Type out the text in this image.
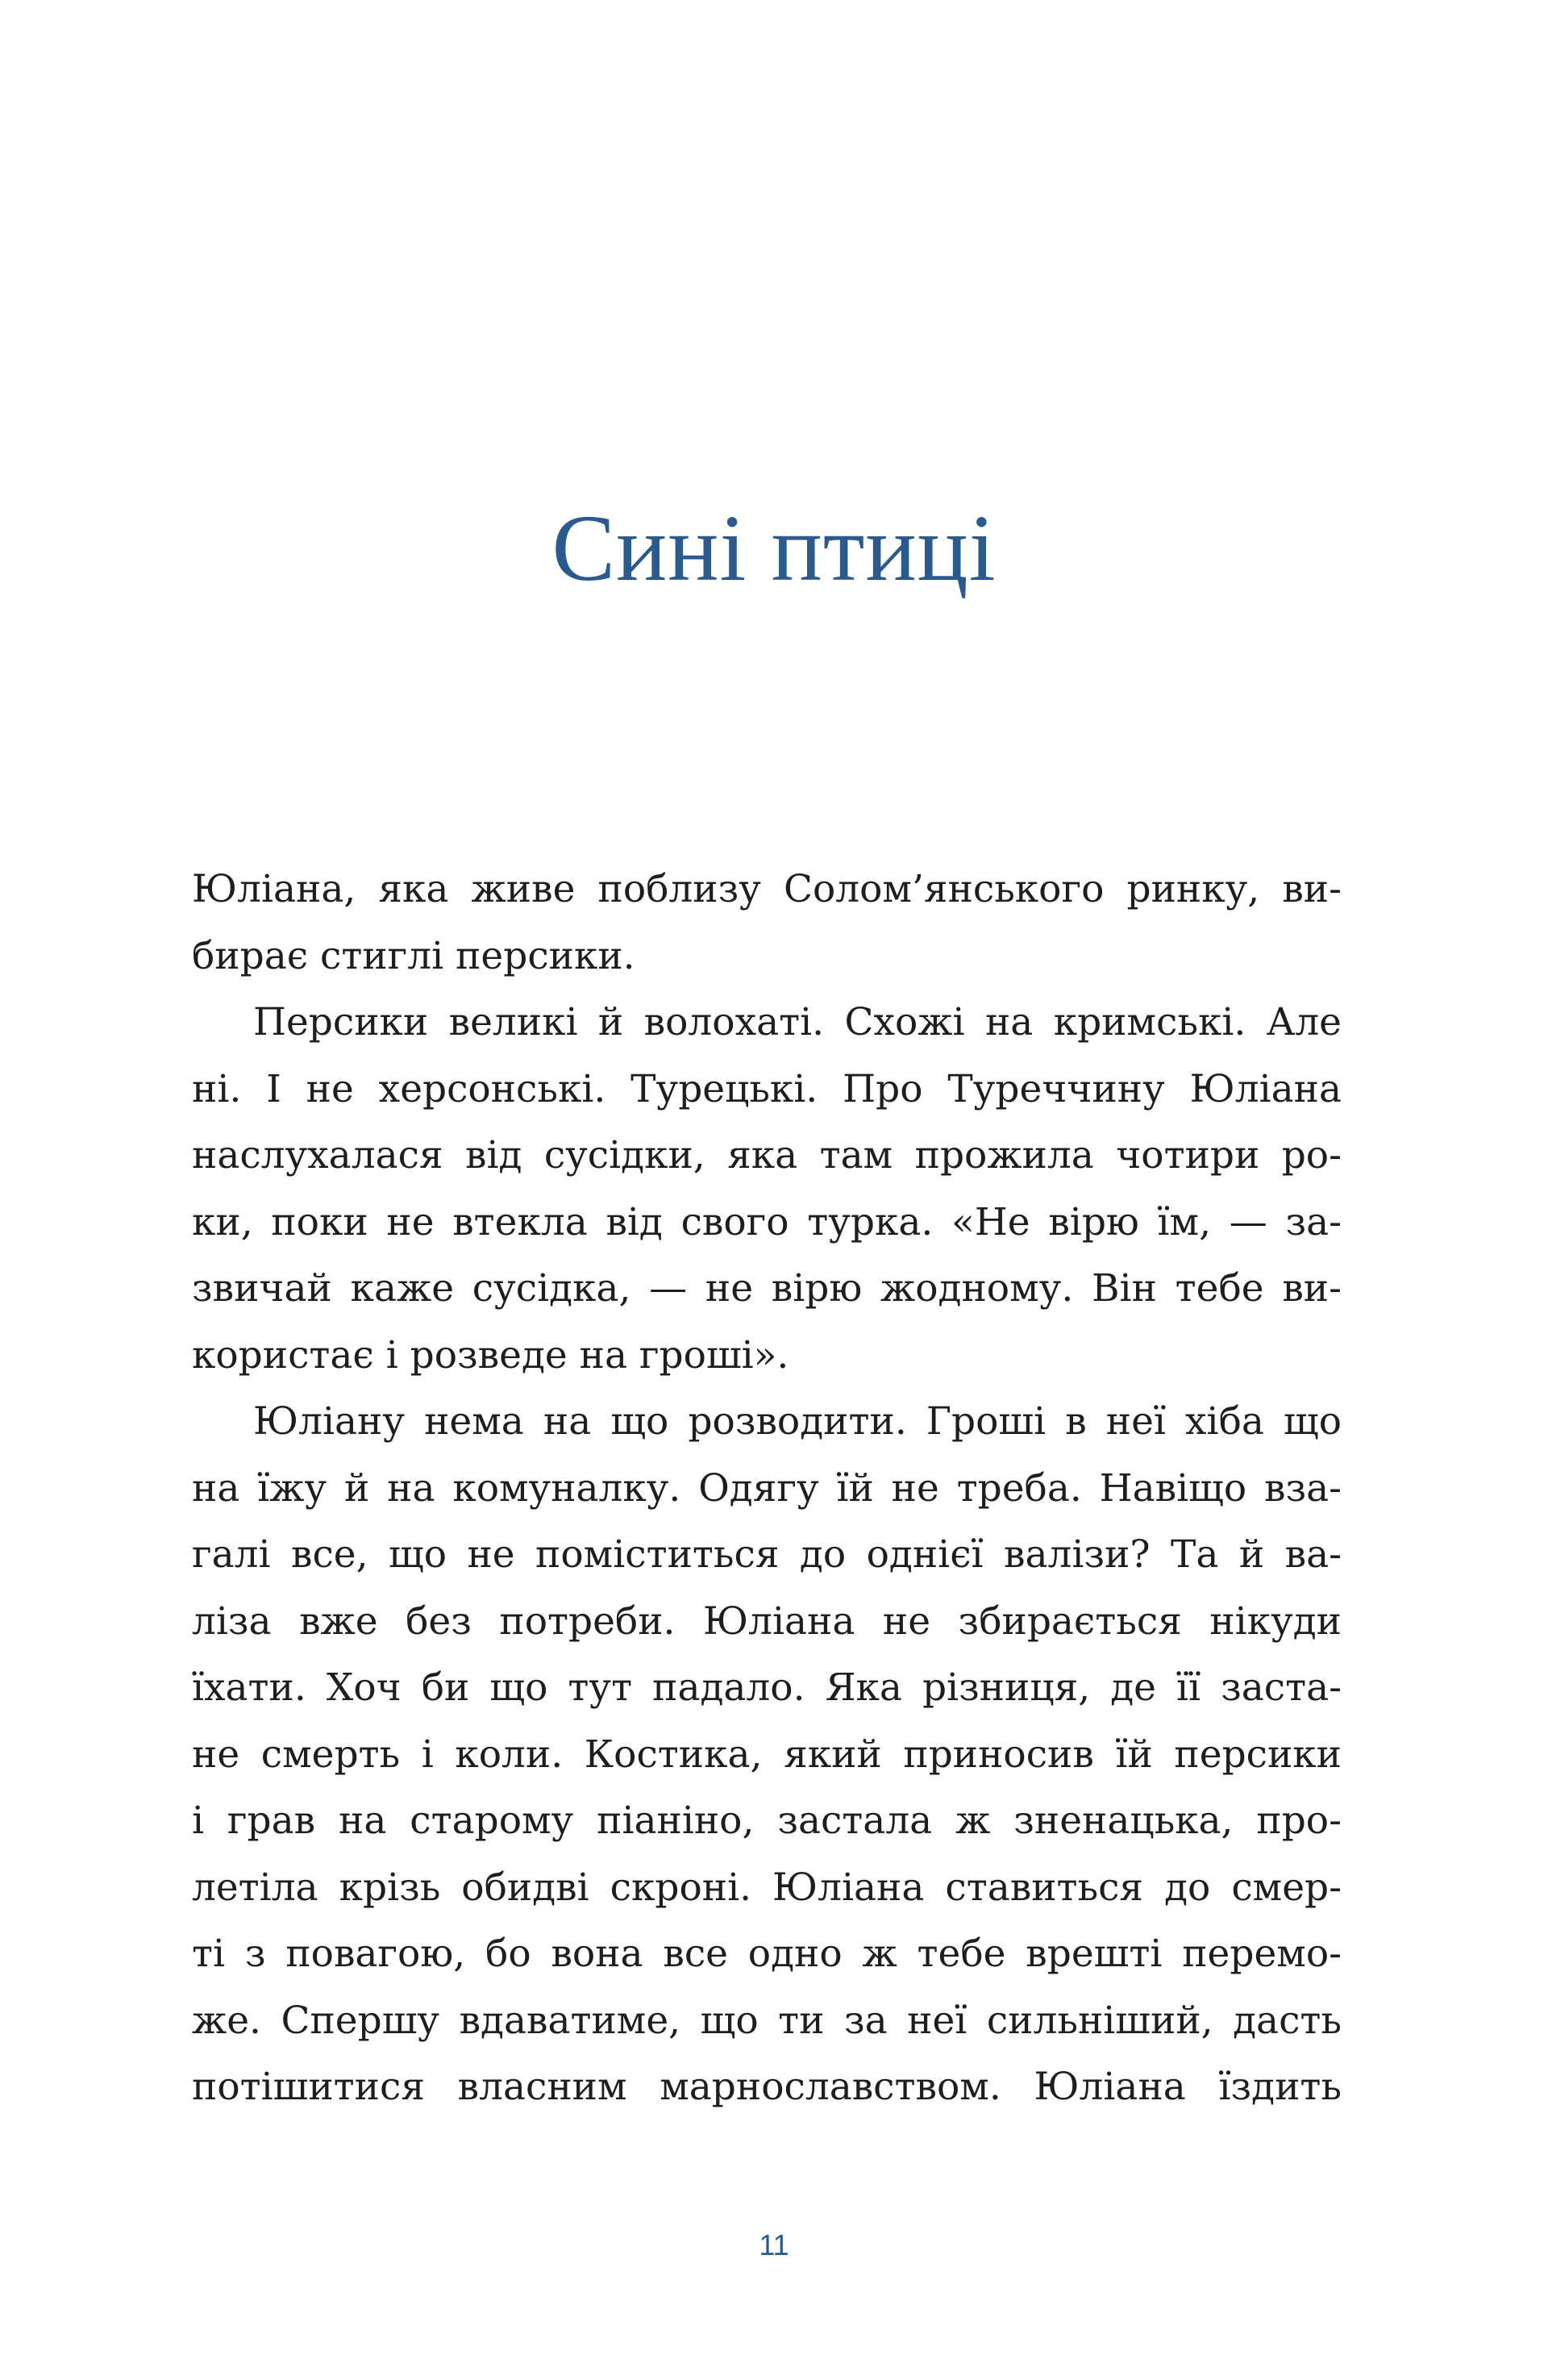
Сині птиці
Юліана, яка живе поблизу Солом’янського ринку, ви-
бирає стиглі персики.
Персики великі й волохаті. Схожі на кримські. Але
ні. І не херсонські. Турецькі. Про Туреччину Юліана
наслухалася від сусідки, яка там прожила чотири ро-
ки, поки не втекла від свого турка. «Не вірю їм, — за-
звичай каже сусідка, — не вірю жодному. Він тебе ви-
користає і розведе на гроші».
Юліану нема на що розводити. Гроші в неї хіба що
на їжу й на комуналку. Одягу їй не треба. Навіщо вза-
галі все, що не поміститься до однієї валізи? Та й ва-
ліза вже без потреби. Юліана не збирається нікуди
їхати. Хоч би що тут падало. Яка різниця, де її заста-
не смерть і коли. Костика, який приносив їй персики
і грав на старому піаніно, застала ж зненацька, про-
летіла крізь обидві скроні. Юліана ставиться до смер-
ті з повагою, бо вона все одно ж тебе врешті перемо-
же. Спершу вдаватиме, що ти за неї сильніший, дасть
потішитися власним марнославством. Юліана їздить
11
